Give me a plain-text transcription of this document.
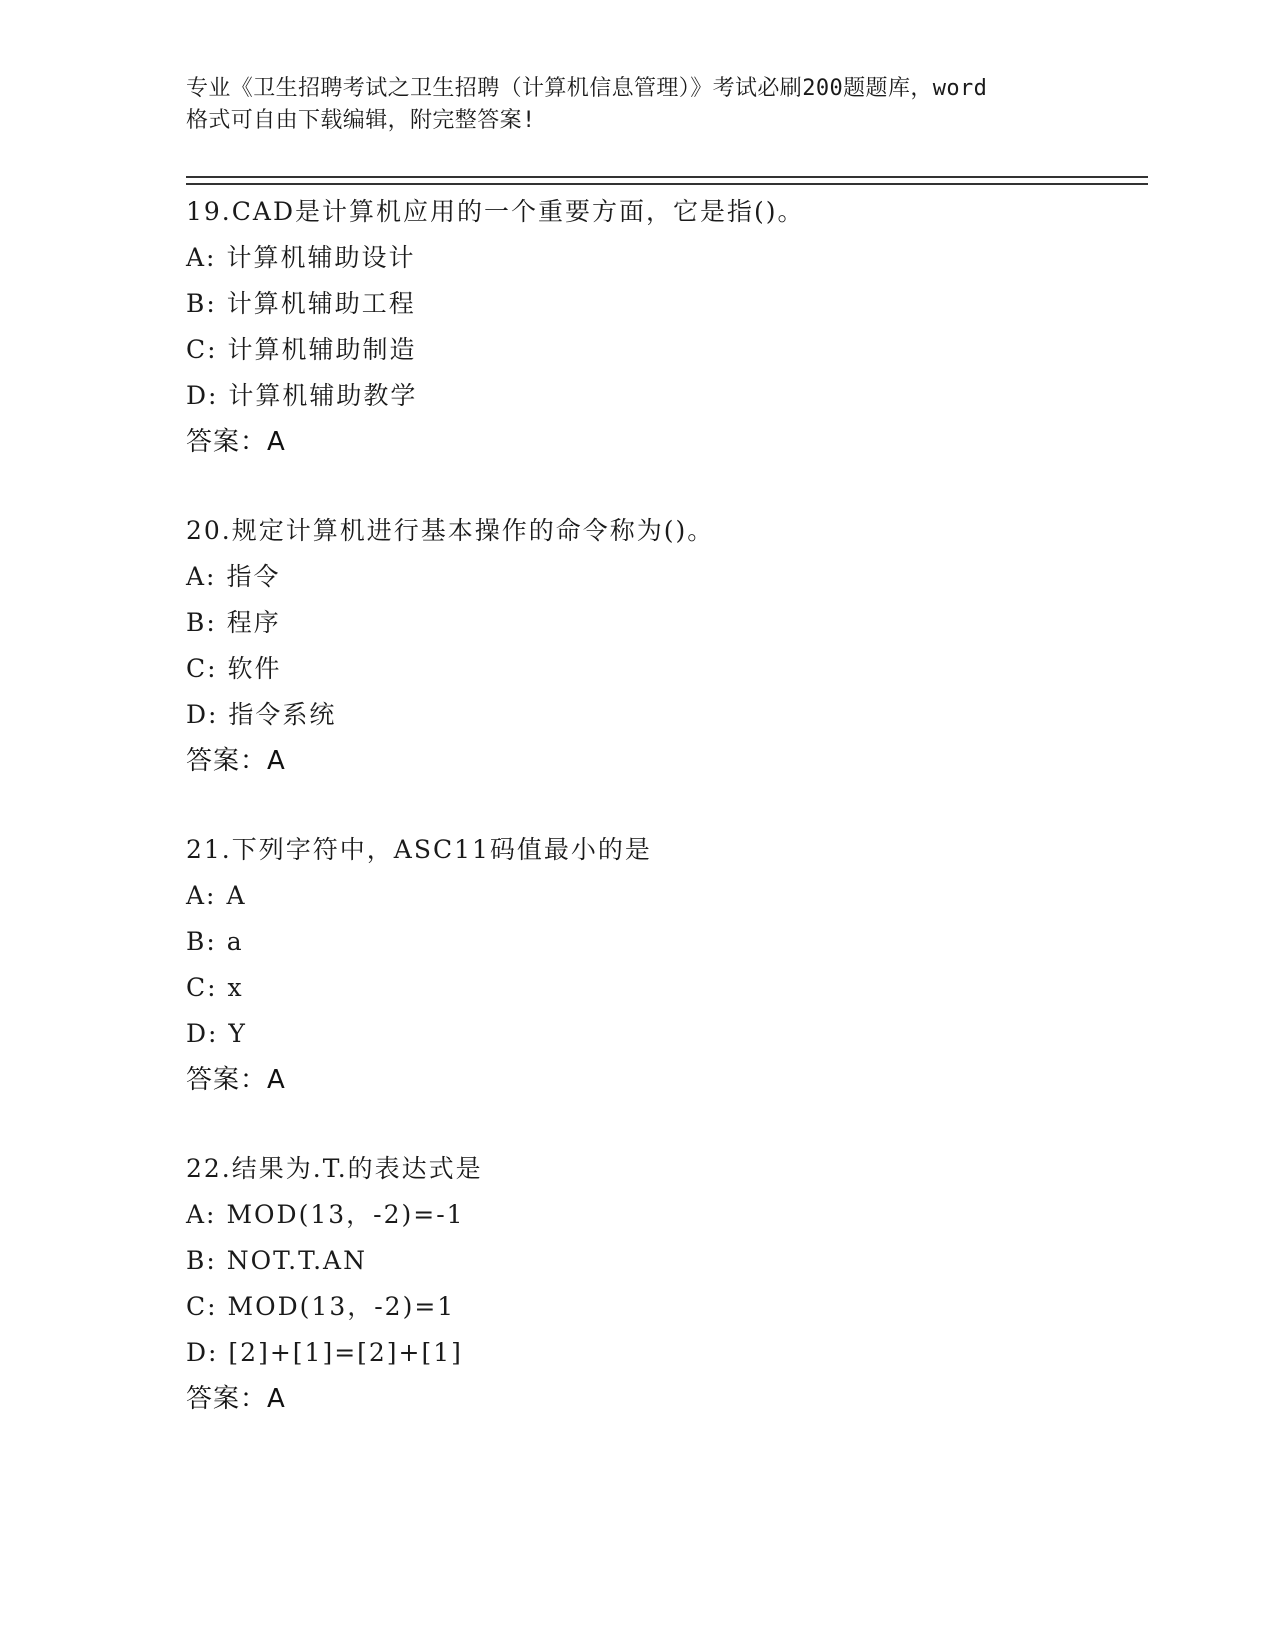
专业《卫生招聘考试之卫生招聘（计算机信息管理）》考试必刷200题题库，word
格式可自由下载编辑，附完整答案!
19.CAD是计算机应用的一个重要方面，它是指()。
A: 计算机辅助设计
B: 计算机辅助工程
C: 计算机辅助制造
D: 计算机辅助教学
答案：A
20.规定计算机进行基本操作的命令称为()。
A: 指令
B: 程序
C: 软件
D: 指令系统
答案：A
21.下列字符中，ASC11码值最小的是
A: A
B: a
C: x
D: Y
答案：A
22.结果为.T.的表达式是
A: MOD(13，-2)=-1
B: NOT.T.AN
C: MOD(13，-2)=1
D: [2]+[1]=[2]+[1]
答案：A
